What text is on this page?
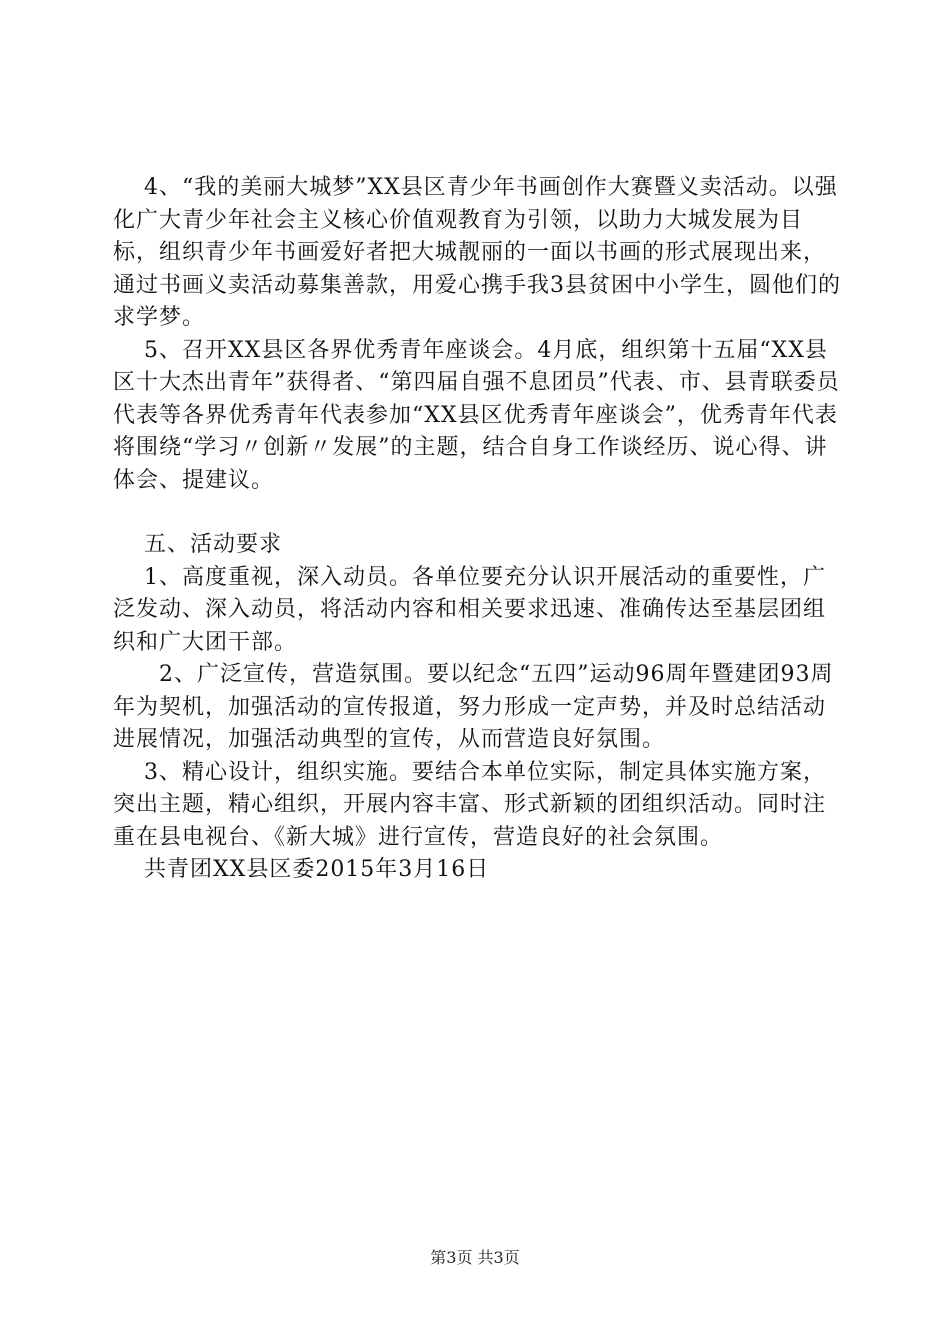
　 4、“我的美丽大城梦”XX县区青少年书画创作大赛暨义卖活动。以强化广大青少年社会主义核心价值观教育为引领，以助力大城发展为目标，组织青少年书画爱好者把大城靓丽的一面以书画的形式展现出来，通过书画义卖活动募集善款，用爱心携手我3县贫困中小学生，圆他们的求学梦。

　 5、召开XX县区各界优秀青年座谈会。4月底，组织第十五届“XX县区十大杰出青年”获得者、“第四届自强不息团员”代表、市、县青联委员代表等各界优秀青年代表参加“XX县区优秀青年座谈会”，优秀青年代表将围绕“学习〃创新〃发展”的主题，结合自身工作谈经历、说心得、讲体会、提建议。

　 五、活动要求

　 1、高度重视，深入动员。各单位要充分认识开展活动的重要性，广泛发动、深入动员，将活动内容和相关要求迅速、准确传达至基层团组织和广大团干部。

　　2、广泛宣传，营造氛围。要以纪念“五四”运动96周年暨建团93周年为契机，加强活动的宣传报道，努力形成一定声势，并及时总结活动进展情况，加强活动典型的宣传，从而营造良好氛围。

　 3、精心设计，组织实施。要结合本单位实际，制定具体实施方案，突出主题，精心组织，开展内容丰富、形式新颖的团组织活动。同时注重在县电视台、《新大城》进行宣传，营造良好的社会氛围。

　 共青团XX县区委2015年3月16日

第3页 共3页
